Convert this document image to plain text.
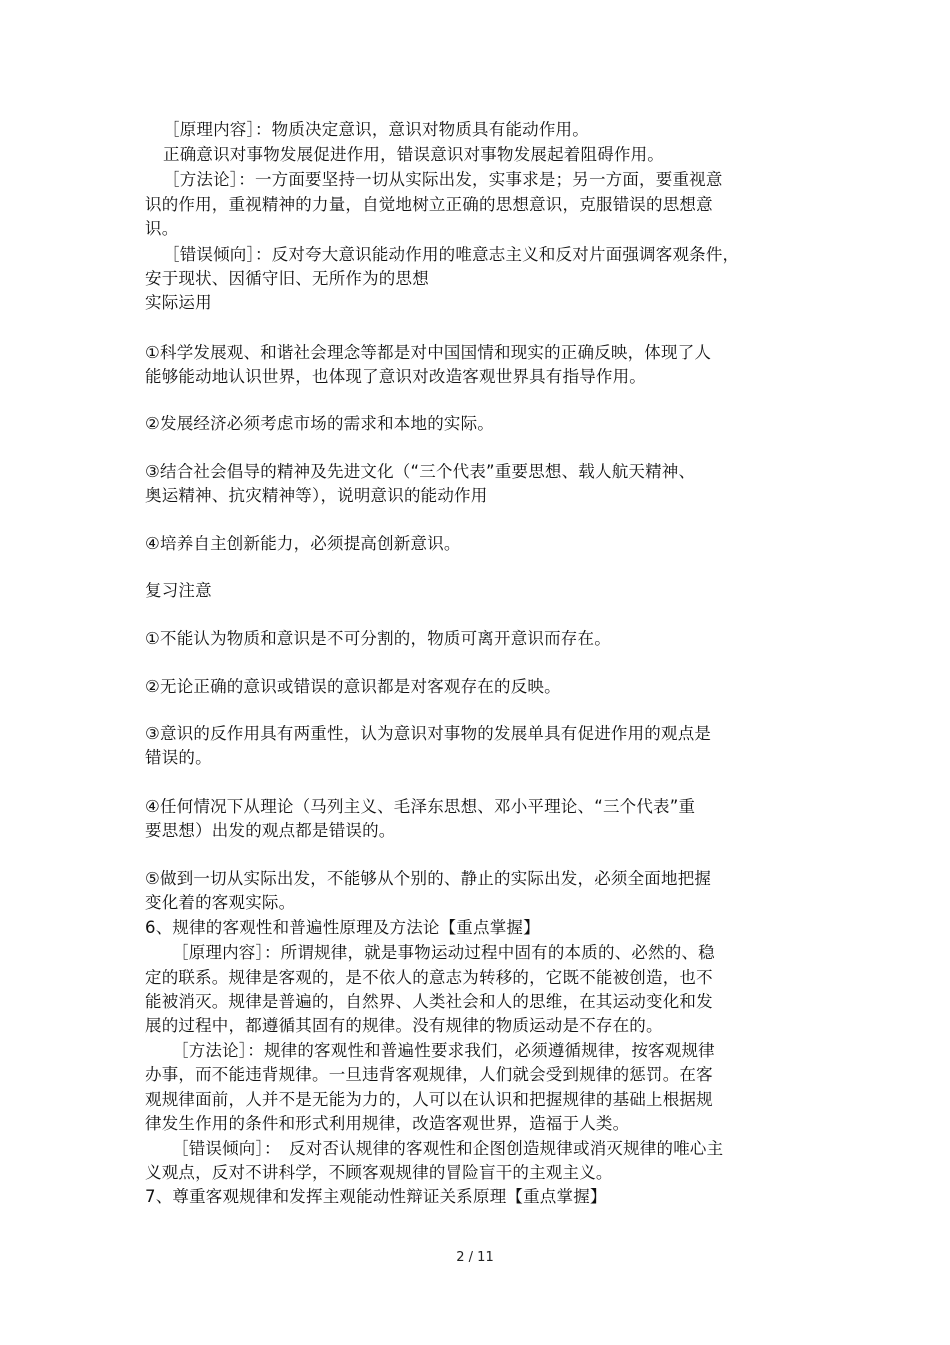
［原理内容］：物质决定意识，意识对物质具有能动作用。
正确意识对事物发展促进作用，错误意识对事物发展起着阻碍作用。
［方法论］：一方面要坚持一切从实际出发，实事求是；另一方面，要重视意
识的作用，重视精神的力量，自觉地树立正确的思想意识，克服错误的思想意
识。
［错误倾向］：反对夸大意识能动作用的唯意志主义和反对片面强调客观条件，
安于现状、因循守旧、无所作为的思想
实际运用
①科学发展观、和谐社会理念等都是对中国国情和现实的正确反映，体现了人
能够能动地认识世界，也体现了意识对改造客观世界具有指导作用。
②发展经济必须考虑市场的需求和本地的实际。
③结合社会倡导的精神及先进文化（“三个代表”重要思想、载人航天精神、
奥运精神、抗灾精神等），说明意识的能动作用
④培养自主创新能力，必须提高创新意识。
复习注意
①不能认为物质和意识是不可分割的，物质可离开意识而存在。
②无论正确的意识或错误的意识都是对客观存在的反映。
③意识的反作用具有两重性，认为意识对事物的发展单具有促进作用的观点是
错误的。
④任何情况下从理论（马列主义、毛泽东思想、邓小平理论、“三个代表”重
要思想）出发的观点都是错误的。
⑤做到一切从实际出发，不能够从个别的、静止的实际出发，必须全面地把握
变化着的客观实际。
6、规律的客观性和普遍性原理及方法论【重点掌握】
［原理内容］：所谓规律，就是事物运动过程中固有的本质的、必然的、稳
定的联系。规律是客观的，是不依人的意志为转移的，它既不能被创造，也不
能被消灭。规律是普遍的，自然界、人类社会和人的思维，在其运动变化和发
展的过程中，都遵循其固有的规律。没有规律的物质运动是不存在的。
［方法论］：规律的客观性和普遍性要求我们，必须遵循规律，按客观规律
办事，而不能违背规律。一旦违背客观规律，人们就会受到规律的惩罚。在客
观规律面前，人并不是无能为力的，人可以在认识和把握规律的基础上根据规
律发生作用的条件和形式利用规律，改造客观世界，造福于人类。
［错误倾向］：　反对否认规律的客观性和企图创造规律或消灭规律的唯心主
义观点，反对不讲科学，不顾客观规律的冒险盲干的主观主义。
7、尊重客观规律和发挥主观能动性辩证关系原理【重点掌握】
2 / 11
